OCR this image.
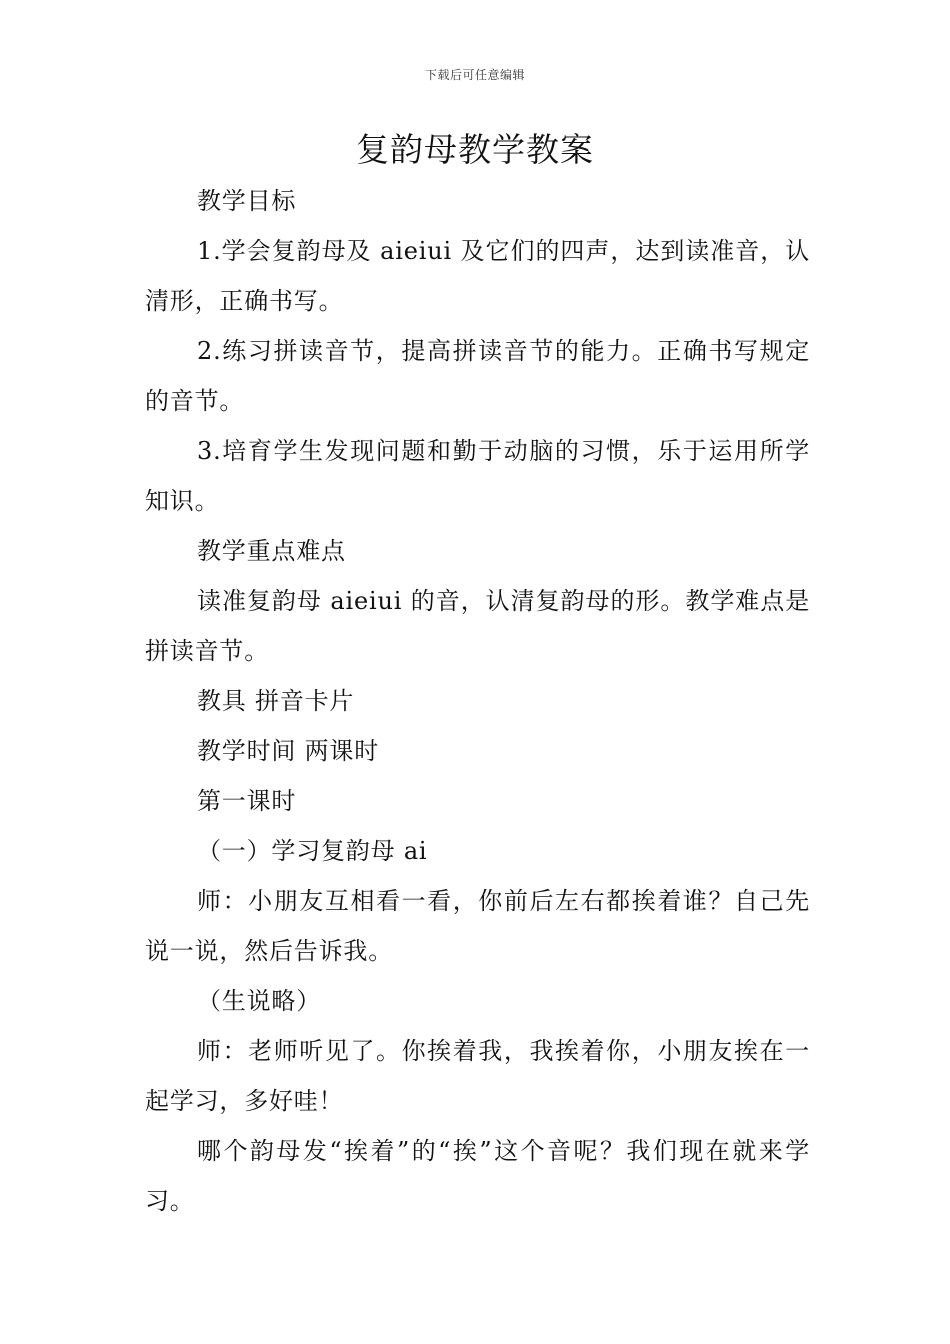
下载后可任意编辑
复韵母教学教案

教学目标

1.学会复韵母及 aieiui 及它们的四声，达到读准音，认清形，正确书写。

2.练习拼读音节，提高拼读音节的能力。正确书写规定的音节。

3.培育学生发现问题和勤于动脑的习惯，乐于运用所学知识。

教学重点难点

读准复韵母 aieiui 的音，认清复韵母的形。教学难点是拼读音节。

教具 拼音卡片

教学时间 两课时

第一课时

（一）学习复韵母 ai

师：小朋友互相看一看，你前后左右都挨着谁？自己先说一说，然后告诉我。

（生说略）

师：老师听见了。你挨着我，我挨着你，小朋友挨在一起学习，多好哇！

哪个韵母发“挨着”的“挨”这个音呢？我们现在就来学习。
